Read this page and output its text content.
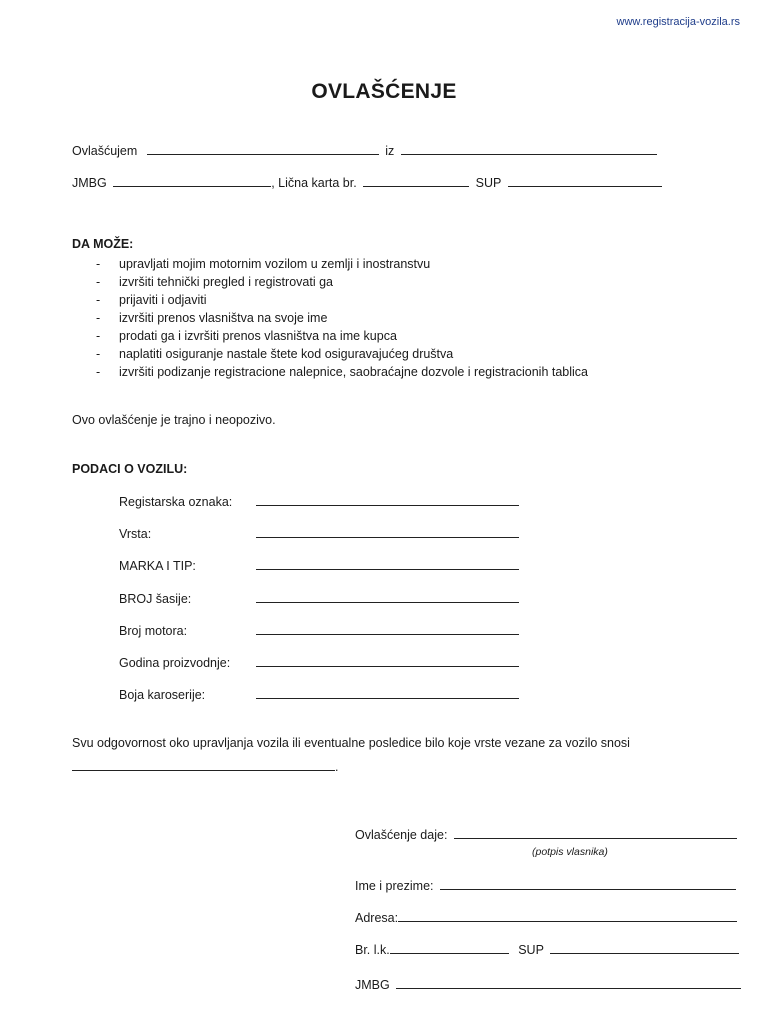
www.registracija-vozila.rs
OVLAŠĆENJE
Ovlašćujem	iz
JMBG	, Lična karta br.	SUP
DA MOŽE:
- upravljati mojim motornim vozilom u zemlji i inostranstvu
- izvršiti tehnički pregled i registrovati ga
- prijaviti i odjaviti
- izvršiti prenos vlasništva na svoje ime
- prodati ga i izvršiti prenos vlasništva na ime kupca
- naplatiti osiguranje nastale štete kod osiguravajućeg društva
- izvršiti podizanje registracione nalepnice, saobraćajne dozvole i registracionih tablica
Ovo ovlašćenje je trajno i neopozivo.
PODACI O VOZILU:
Registarska oznaka:
Vrsta:
MARKA I TIP:
BROJ šasije:
Broj motora:
Godina proizvodnje:
Boja karoserije:
Svu odgovornost oko upravljanja vozila ili eventualne posledice bilo koje vrste vezane za vozilo snosi
.
Ovlašćenje daje:
(potpis vlasnika)
Ime i prezime:
Adresa:
Br. l.k.	SUP
JMBG
